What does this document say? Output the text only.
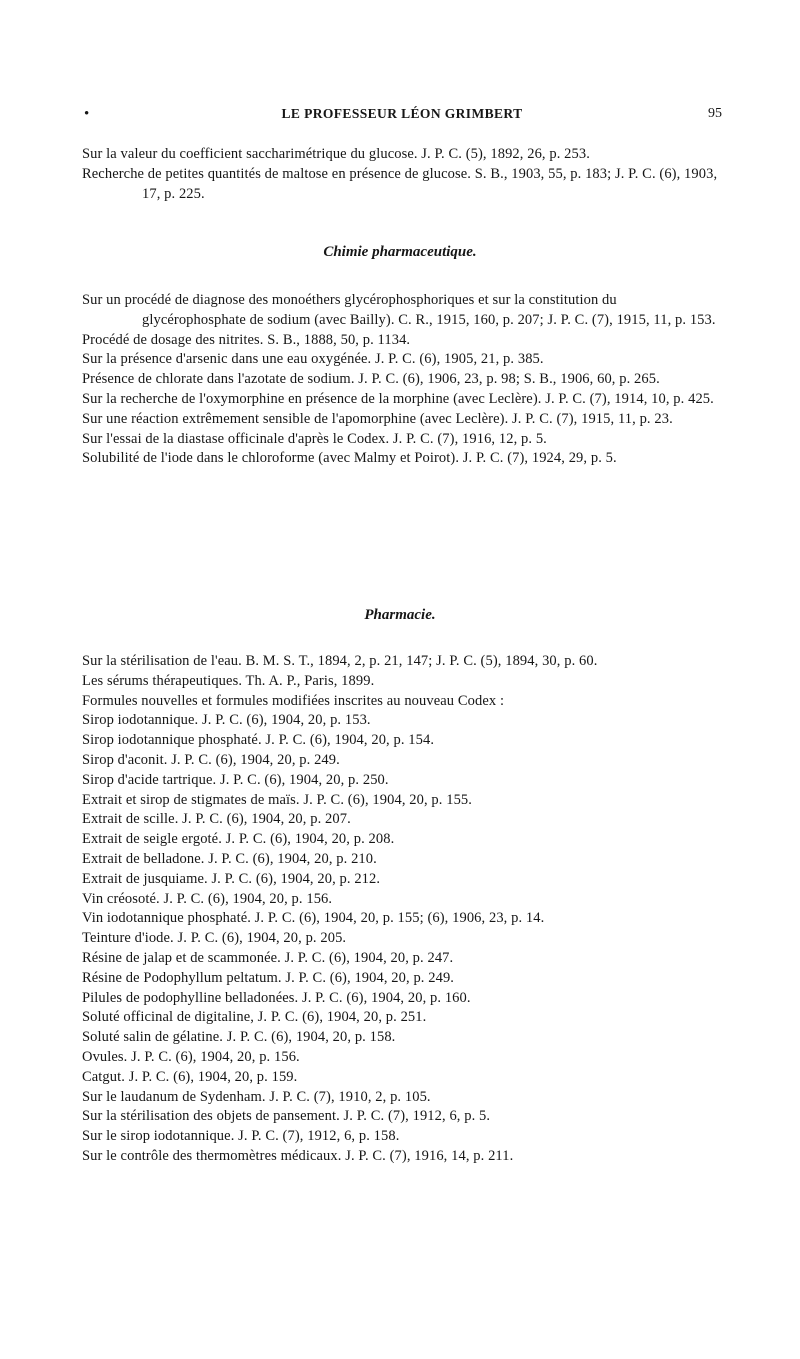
•	LE PROFESSEUR LÉON GRIMBERT	95
Sur la valeur du coefficient saccharimétrique du glucose. J. P. C. (5), 1892, 26, p. 253.
Recherche de petites quantités de maltose en présence de glucose. S. B., 1903, 55, p. 183; J. P. C. (6), 1903, 17, p. 225.
Chimie pharmaceutique.
Sur un procédé de diagnose des monoéthers glycérophosphoriques et sur la constitution du glycérophosphate de sodium (avec Bailly). C. R., 1915, 160, p. 207; J. P. C. (7), 1915, 11, p. 153.
Procédé de dosage des nitrites. S. B., 1888, 50, p. 1134.
Sur la présence d'arsenic dans une eau oxygénée. J. P. C. (6), 1905, 21, p. 385.
Présence de chlorate dans l'azotate de sodium. J. P. C. (6), 1906, 23, p. 98; S. B., 1906, 60, p. 265.
Sur la recherche de l'oxymorphine en présence de la morphine (avec Leclère). J. P. C. (7), 1914, 10, p. 425.
Sur une réaction extrêmement sensible de l'apomorphine (avec Leclère). J. P. C. (7), 1915, 11, p. 23.
Sur l'essai de la diastase officinale d'après le Codex. J. P. C. (7), 1916, 12, p. 5.
Solubilité de l'iode dans le chloroforme (avec Malmy et Poirot). J. P. C. (7), 1924, 29, p. 5.
Pharmacie.
Sur la stérilisation de l'eau. B. M. S. T., 1894, 2, p. 21, 147; J. P. C. (5), 1894, 30, p. 60.
Les sérums thérapeutiques. Th. A. P., Paris, 1899.
Formules nouvelles et formules modifiées inscrites au nouveau Codex :
Sirop iodotannique. J. P. C. (6), 1904, 20, p. 153.
Sirop iodotannique phosphaté. J. P. C. (6), 1904, 20, p. 154.
Sirop d'aconit. J. P. C. (6), 1904, 20, p. 249.
Sirop d'acide tartrique. J. P. C. (6), 1904, 20, p. 250.
Extrait et sirop de stigmates de maïs. J. P. C. (6), 1904, 20, p. 155.
Extrait de scille. J. P. C. (6), 1904, 20, p. 207.
Extrait de seigle ergoté. J. P. C. (6), 1904, 20, p. 208.
Extrait de belladone. J. P. C. (6), 1904, 20, p. 210.
Extrait de jusquiame. J. P. C. (6), 1904, 20, p. 212.
Vin créosoté. J. P. C. (6), 1904, 20, p. 156.
Vin iodotannique phosphaté. J. P. C. (6), 1904, 20, p. 155; (6), 1906, 23, p. 14.
Teinture d'iode. J. P. C. (6), 1904, 20, p. 205.
Résine de jalap et de scammonée. J. P. C. (6), 1904, 20, p. 247.
Résine de Podophyllum peltatum. J. P. C. (6), 1904, 20, p. 249.
Pilules de podophylline belladonées. J. P. C. (6), 1904, 20, p. 160.
Soluté officinal de digitaline, J. P. C. (6), 1904, 20, p. 251.
Soluté salin de gélatine. J. P. C. (6), 1904, 20, p. 158.
Ovules. J. P. C. (6), 1904, 20, p. 156.
Catgut. J. P. C. (6), 1904, 20, p. 159.
Sur le laudanum de Sydenham. J. P. C. (7), 1910, 2, p. 105.
Sur la stérilisation des objets de pansement. J. P. C. (7), 1912, 6, p. 5.
Sur le sirop iodotannique. J. P. C. (7), 1912, 6, p. 158.
Sur le contrôle des thermomètres médicaux. J. P. C. (7), 1916, 14, p. 211.
